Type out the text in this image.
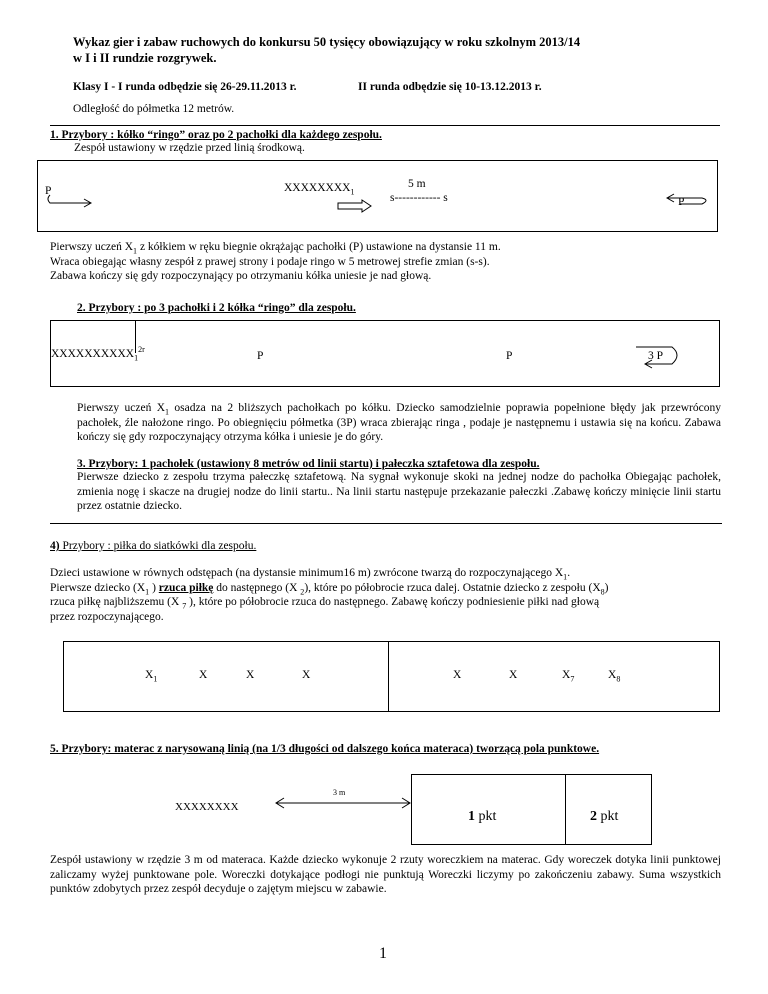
Wykaz gier i zabaw ruchowych do konkursu 50 tysięcy obowiązujący w roku szkolnym 2013/14
w I i II rundzie rozgrywek.
Klasy I - I runda odbędzie się 26-29.11.2013 r.	II runda odbędzie się 10-13.12.2013 r.
Odległość do półmetka 12 metrów.
1. Przybory : kółko “ringo” oraz po 2 pachołki dla każdego zespołu.
Zespół ustawiony w rzędzie przed linią środkową.
P	$XXXXXXXX_1$
5 m
s------------ s	P
Pierwszy uczeń $X_1$ z kółkiem w ręku biegnie okrążając pachołki (P) ustawione na dystansie 11 m.
Wraca obiegając własny zespół z prawej strony i podaje ringo w 5 metrowej strefie zmian (s-s).
Zabawa kończy się gdy rozpoczynający po otrzymaniu kółka uniesie je nad głową.
2. Przybory : po 3 pachołki i 2 kółka “ringo” dla zespołu.
$XXXXXXXXXX_1^{2r}$
P	P	3 P
Pierwszy uczeń $X_1$ osadza na 2 bliższych pachołkach po kółku. Dziecko samodzielnie poprawia popełnione błędy jak przewrócony pachołek, źle nałożone ringo. Po obiegnięciu półmetka (3P) wraca zbierając ringa , podaje je następnemu i ustawia się na końcu. Zabawa kończy się gdy rozpoczynający otrzyma kółka i uniesie je do góry.
3. Przybory: 1 pachołek (ustawiony 8 metrów od linii startu) i pałeczka sztafetowa dla zespołu.
Pierwsze dziecko z zespołu trzyma pałeczkę sztafetową. Na sygnał wykonuje skoki na jednej nodze do pachołka Obiegając pachołek, zmienia nogę i skacze na drugiej nodze do linii startu.. Na linii startu następuje przekazanie pałeczki .Zabawę kończy minięcie linii startu przez ostatnie dziecko.
4) Przybory : piłka do siatkówki dla zespołu.
Dzieci ustawione w równych odstępach (na dystansie minimum16 m) zwrócone twarzą do rozpoczynającego $X_1$.
Pierwsze dziecko ($X_1$ ) rzuca piłkę do następnego (X $_2$), które po półobrocie rzuca dalej. Ostatnie dziecko z zespołu $(X_8)$
rzuca piłkę najbliższemu (X $_7$ ), które po półobrocie rzuca do następnego. Zabawę kończy podniesienie piłki nad głową
przez rozpoczynającego.
$X_1$	X	X	X	X	X	$X_7$	$X_8$
5. Przybory: materac z narysowaną linią (na 1/3 długości od dalszego końca materaca) tworzącą pola punktowe.
3 m
XXXXXXXX
1 pkt	2 pkt
Zespół ustawiony w rzędzie 3 m od materaca. Każde dziecko wykonuje 2 rzuty woreczkiem na materac. Gdy woreczek dotyka linii punktowej zaliczamy wyżej punktowane pole. Woreczki dotykające podłogi nie punktują Woreczki liczymy po zakończeniu zabawy. Suma wszystkich punktów zdobytych przez zespół decyduje o zajętym miejscu w zabawie.
1
